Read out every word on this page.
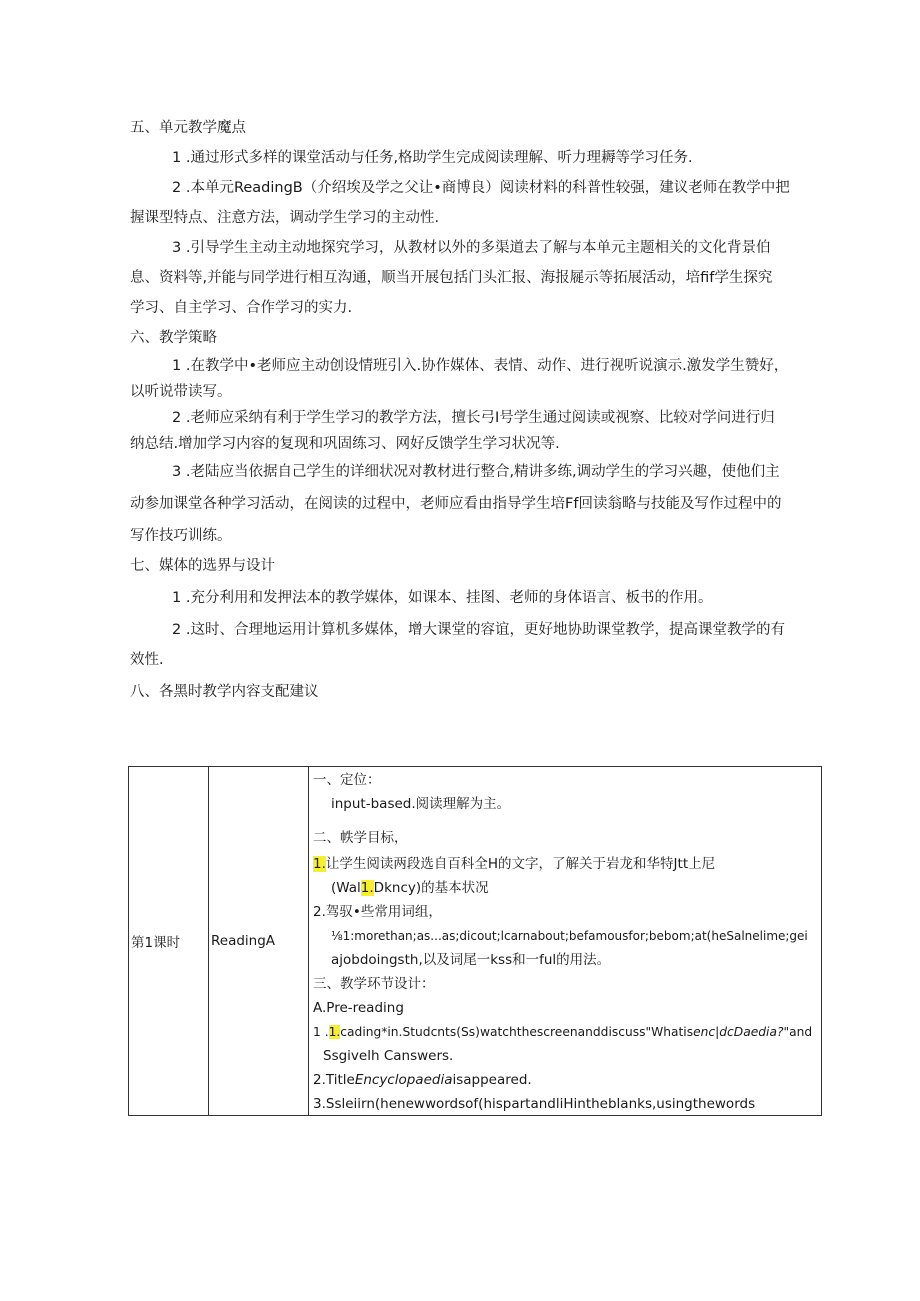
五、单元教学魔点
1 .通过形式多样的课堂活动与任务,格助学生完成阅读理解、听力理耨等学习任务.
2 .本单元ReadingB（介绍埃及学之父让•商博良）阅读材料的科普性较强，建议老师在教学中把
握课型特点、注意方法，调动学生学习的主动性.
3 .引导学生主动主动地探究学习，从教材以外的多渠道去了解与本单元主题相关的文化背景伯
息、资料等,并能与同学进行相互沟通，顺当开展包括门头汇报、海报屣示等拓展活动，培fif学生探究
学习、自主学习、合作学习的实力.
六、教学策略
1 .在教学中•老师应主动创设情班引入.协作媒体、表情、动作、进行视听说演示.激发学生赞好，
以听说带读写。
2 .老师应采纳有利于学生学习的教学方法，擅长弓I号学生通过阅读或视察、比较对学问进行归
纳总结.增加学习内容的复现和巩固练习、网好反馈学生学习状况等.
3 .老陆应当依据自己学生的详细状况对教材进行整合,精讲多练,调动学生的学习兴趣，使他们主
动参加课堂各种学习活动，在阅读的过程中，老师应看由指导学生培Ff回读翁略与技能及写作过程中的
写作技巧训练。
七、媒体的选界与设计
1 .充分利用和发押法本的教学媒体，如课本、挂图、老师的身体语言、板书的作用。
2 .这时、合理地运用计算机多媒体，增大课堂的容谊，更好地协助课堂教学，提高课堂教学的有
效性.
八、各黑时教学内容支配建议
第1课时	ReadingA	
一、定位：
input-based.阅读理解为主。
二、帙学目标，
1.让学生阅读两段选自百科全H的文字，了解关于岩龙和华特Jtt上尼
(Wal1.Dkncy)的基本状况
2.驾驭•些常用词组，
⅛1:morethan;as...as;dicout;lcarnabout;befamousfor;bebom;at(heSalnelime;gei
ajobdoingsth,以及词尾一kss和一ful的用法。
三、教学环节设计：
A.Pre-reading
1 .1.cading*in.Studcnts(Ss)watchthescreenanddiscuss"Whatisenc|dcDaedia?"and
Ssgivelh Canswers.
2.TitleEncyclopaediaisappeared.
3.Ssleiirn(henewwordsof(hispartandliHintheblanks,usingthewords
